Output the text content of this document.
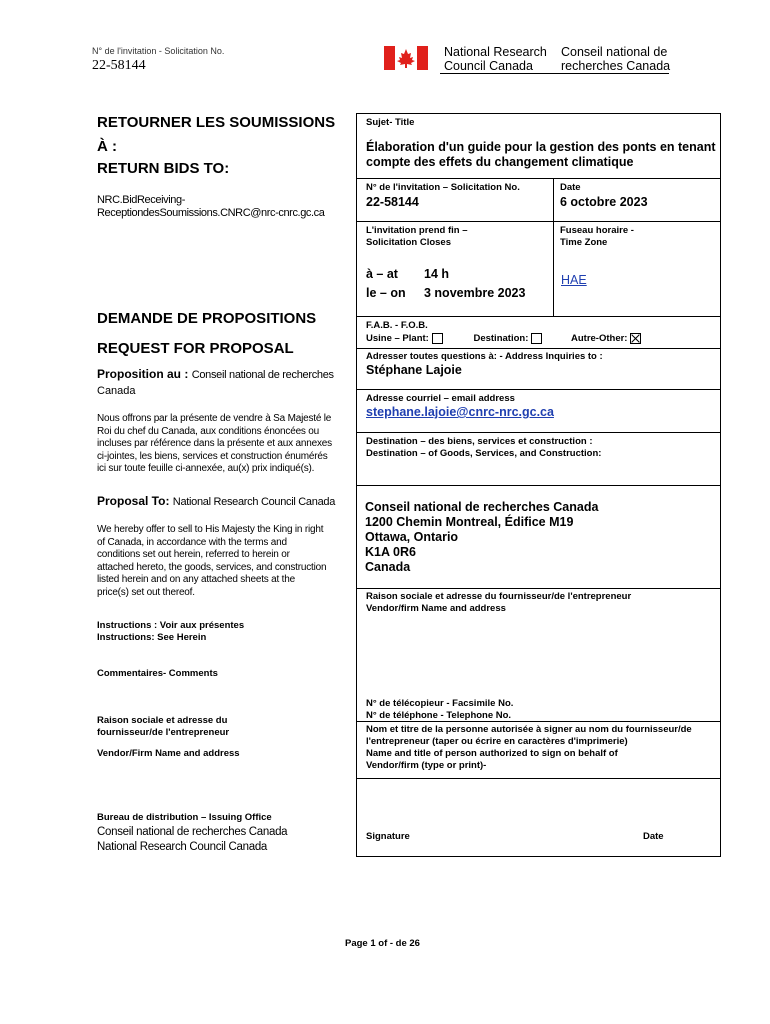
N° de l'invitation - Solicitation No.
22-58144
National Research
Council Canada
Conseil national de
recherches Canada
RETOURNER LES SOUMISSIONS
À :
RETURN BIDS TO:
NRC.BidReceiving-
ReceptiondesSoumissions.CNRC@nrc-cnrc.gc.ca
DEMANDE DE PROPOSITIONS
REQUEST FOR PROPOSAL
Proposition au : Conseil national de recherches
Canada
Nous offrons par la présente de vendre à Sa Majesté le
Roi du chef du Canada, aux conditions énoncées ou
incluses par référence dans la présente et aux annexes
ci-jointes, les biens, services et construction énumérés
ici sur toute feuille ci-annexée, au(x) prix indiqué(s).
Proposal To: National Research Council Canada
We hereby offer to sell to His Majesty the King in right
of Canada, in accordance with the terms and
conditions set out herein, referred to herein or
attached hereto, the goods, services, and construction
listed herein and on any attached sheets at the
price(s) set out thereof.
Instructions : Voir aux présentes
Instructions: See Herein
Commentaires- Comments
Raison sociale et adresse du
fournisseur/de l'entrepreneur
Vendor/Firm Name and address
Bureau de distribution – Issuing Office
Conseil national de recherches Canada
National Research Council Canada
Sujet- Title
Élaboration d'un guide pour la gestion des ponts en tenant
compte des effets du changement climatique
N° de l'invitation – Solicitation No.
22-58144
Date
6 octobre 2023
L'invitation prend fin –
Solicitation Closes
Fuseau horaire -
Time Zone
à – at 14 h
le – on 3 novembre 2023
HAE
F.A.B. - F.O.B.
Usine – Plant:	Destination:	Autre-Other:
Adresser toutes questions à: - Address Inquiries to :
Stéphane Lajoie
Adresse courriel – email address
stephane.lajoie@cnrc-nrc.gc.ca
Destination – des biens, services et construction :
Destination – of Goods, Services, and Construction:
Conseil national de recherches Canada
1200 Chemin Montreal, Édifice M19
Ottawa, Ontario
K1A 0R6
Canada
Raison sociale et adresse du fournisseur/de l'entrepreneur
Vendor/firm Name and address
N° de télécopieur - Facsimile No.
N° de téléphone - Telephone No.
Nom et titre de la personne autorisée à signer au nom du fournisseur/de
l'entrepreneur (taper ou écrire en caractères d'imprimerie)
Name and title of person authorized to sign on behalf of
Vendor/firm (type or print)-
Signature	Date
Page 1 of - de 26
